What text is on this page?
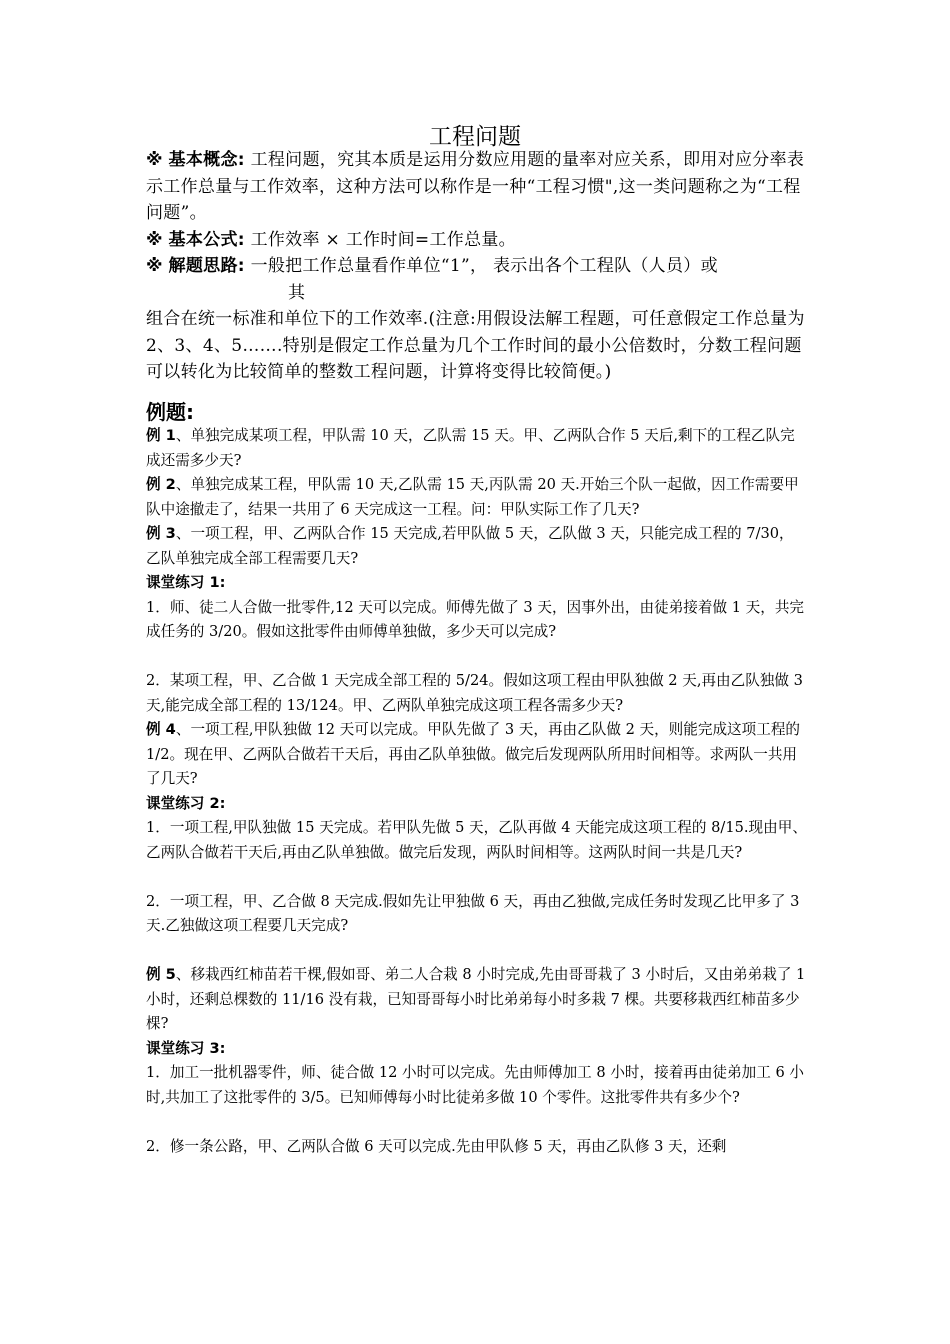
工程问题

※ 基本概念: 工程问题，究其本质是运用分数应用题的量率对应关系，即用对应分率表示工作总量与工作效率，这种方法可以称作是一种“工程习惯",这一类问题称之为“工程问题”。

※ 基本公式: 工作效率 × 工作时间=工作总量。

※ 解题思路: 一般把工作总量看作单位“1”， 表示出各个工程队（人员）或

其

组合在统一标准和单位下的工作效率.(注意:用假设法解工程题，可任意假定工作总量为 2、3、4、5…….特别是假定工作总量为几个工作时间的最小公倍数时，分数工程问题可以转化为比较简单的整数工程问题，计算将变得比较简便。)

例题:

例 1、单独完成某项工程，甲队需 10 天，乙队需 15 天。甲、乙两队合作 5 天后,剩下的工程乙队完成还需多少天?

例 2、单独完成某工程，甲队需 10 天,乙队需 15 天,丙队需 20 天.开始三个队一起做，因工作需要甲队中途撤走了，结果一共用了 6 天完成这一工程。问：甲队实际工作了几天?

例 3、一项工程，甲、乙两队合作 15 天完成,若甲队做 5 天，乙队做 3 天，只能完成工程的 7/30，乙队单独完成全部工程需要几天?

课堂练习 1:

1．师、徒二人合做一批零件,12 天可以完成。师傅先做了 3 天，因事外出，由徒弟接着做 1 天，共完成任务的 3/20。假如这批零件由师傅单独做，多少天可以完成?

2．某项工程，甲、乙合做 1 天完成全部工程的 5/24。假如这项工程由甲队独做 2 天,再由乙队独做 3 天,能完成全部工程的 13/124。甲、乙两队单独完成这项工程各需多少天?

例 4、一项工程,甲队独做 12 天可以完成。甲队先做了 3 天，再由乙队做 2 天，则能完成这项工程的 1/2。现在甲、乙两队合做若干天后，再由乙队单独做。做完后发现两队所用时间相等。求两队一共用了几天?

课堂练习 2:

1．一项工程,甲队独做 15 天完成。若甲队先做 5 天，乙队再做 4 天能完成这项工程的 8/15.现由甲、乙两队合做若干天后,再由乙队单独做。做完后发现，两队时间相等。这两队时间一共是几天?

2．一项工程，甲、乙合做 8 天完成.假如先让甲独做 6 天，再由乙独做,完成任务时发现乙比甲多了 3 天.乙独做这项工程要几天完成?

例 5、移栽西红柿苗若干棵,假如哥、弟二人合栽 8 小时完成,先由哥哥栽了 3 小时后，又由弟弟栽了 1 小时，还剩总棵数的 11/16 没有栽，已知哥哥每小时比弟弟每小时多栽 7 棵。共要移栽西红柿苗多少棵?

课堂练习 3:

1．加工一批机器零件，师、徒合做 12 小时可以完成。先由师傅加工 8 小时，接着再由徒弟加工 6 小时,共加工了这批零件的 3/5。已知师傅每小时比徒弟多做 10 个零件。这批零件共有多少个?

2．修一条公路，甲、乙两队合做 6 天可以完成.先由甲队修 5 天，再由乙队修 3 天，还剩
